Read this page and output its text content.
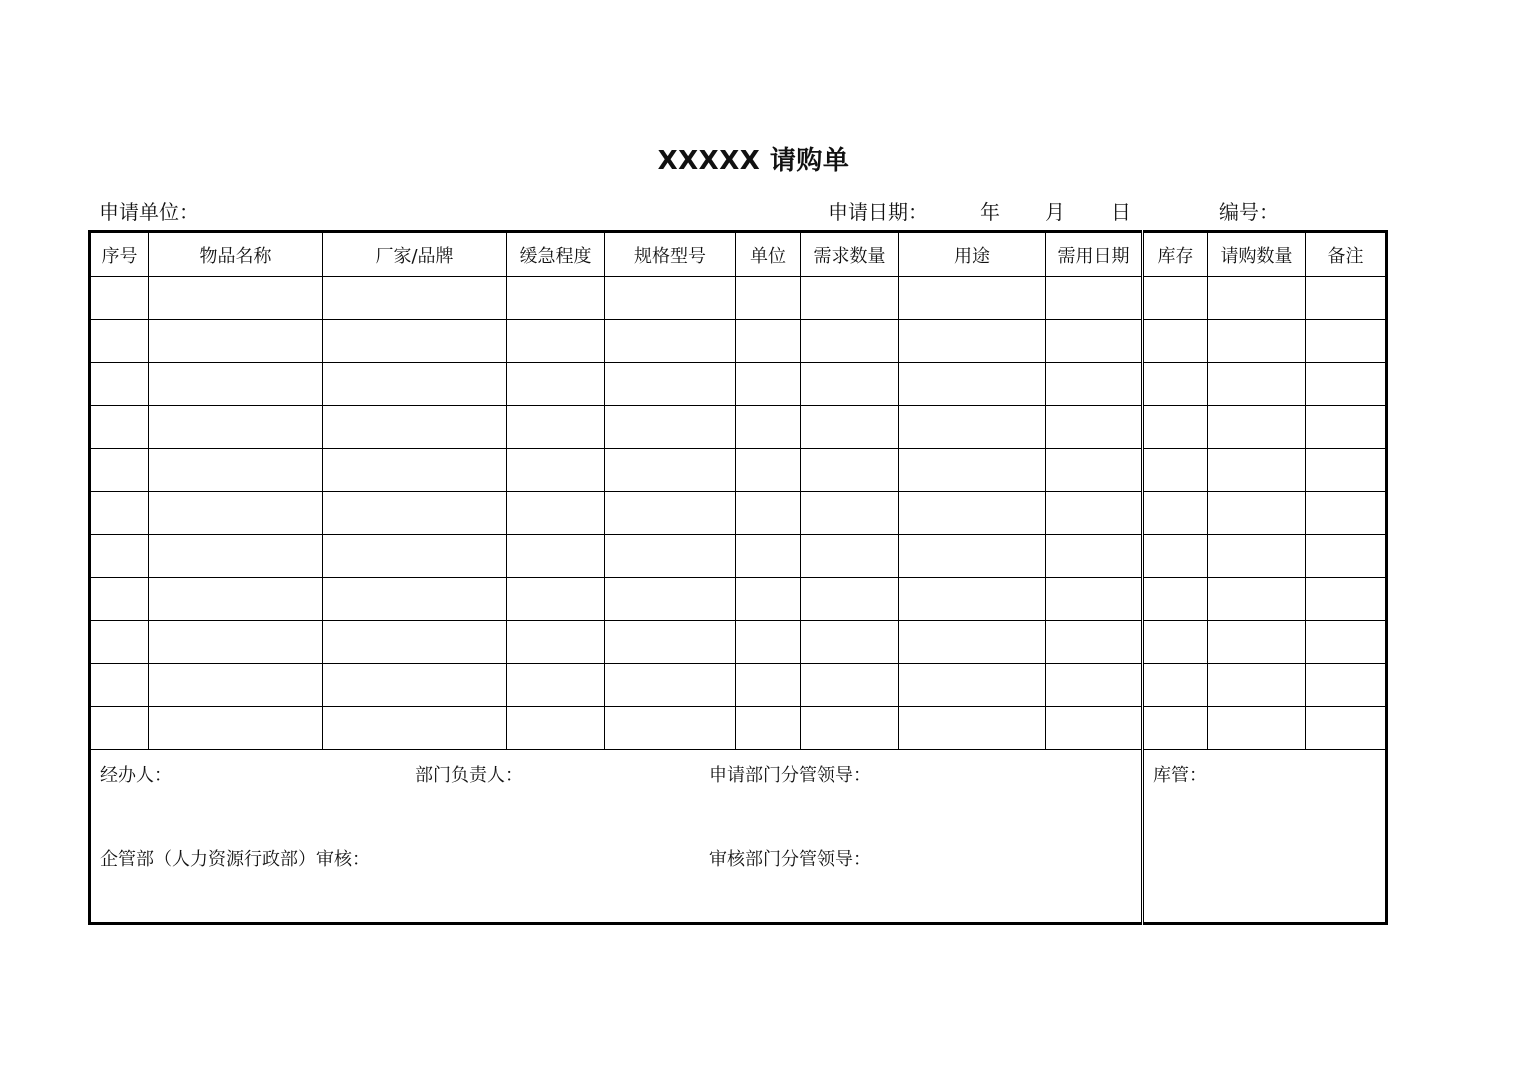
XXXXX 请购单
申请单位：	申请日期：	年 月 日	编号：
序号	物品名称	厂家/品牌	缓急程度	规格型号	单位	需求数量	用途	需用日期	库存	请购数量	备注

经办人： 部门负责人： 申请部门分管领导：
企管部（人力资源行政部）审核： 审核部门分管领导：									库管：		
